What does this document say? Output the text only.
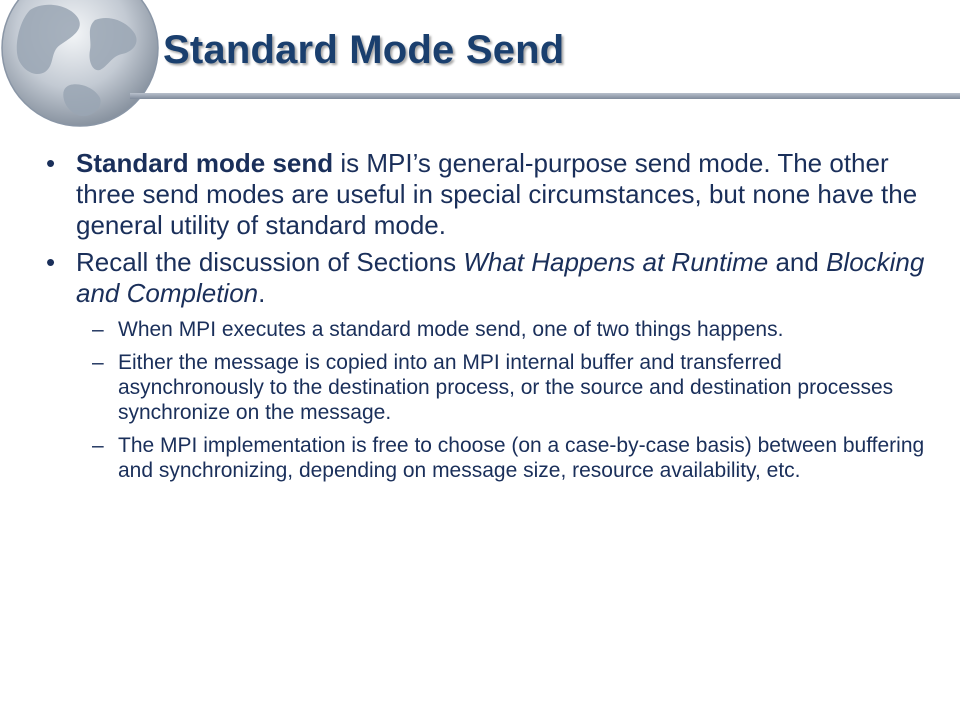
Standard Mode Send
• Standard mode send is MPI’s general-purpose send mode. The other three send modes are useful in special circumstances, but none have the general utility of standard mode.
• Recall the discussion of Sections What Happens at Runtime and Blocking and Completion.
– When MPI executes a standard mode send, one of two things happens.
– Either the message is copied into an MPI internal buffer and transferred asynchronously to the destination process, or the source and destination processes synchronize on the message.
– The MPI implementation is free to choose (on a case-by-case basis) between buffering and synchronizing, depending on message size, resource availability, etc.
